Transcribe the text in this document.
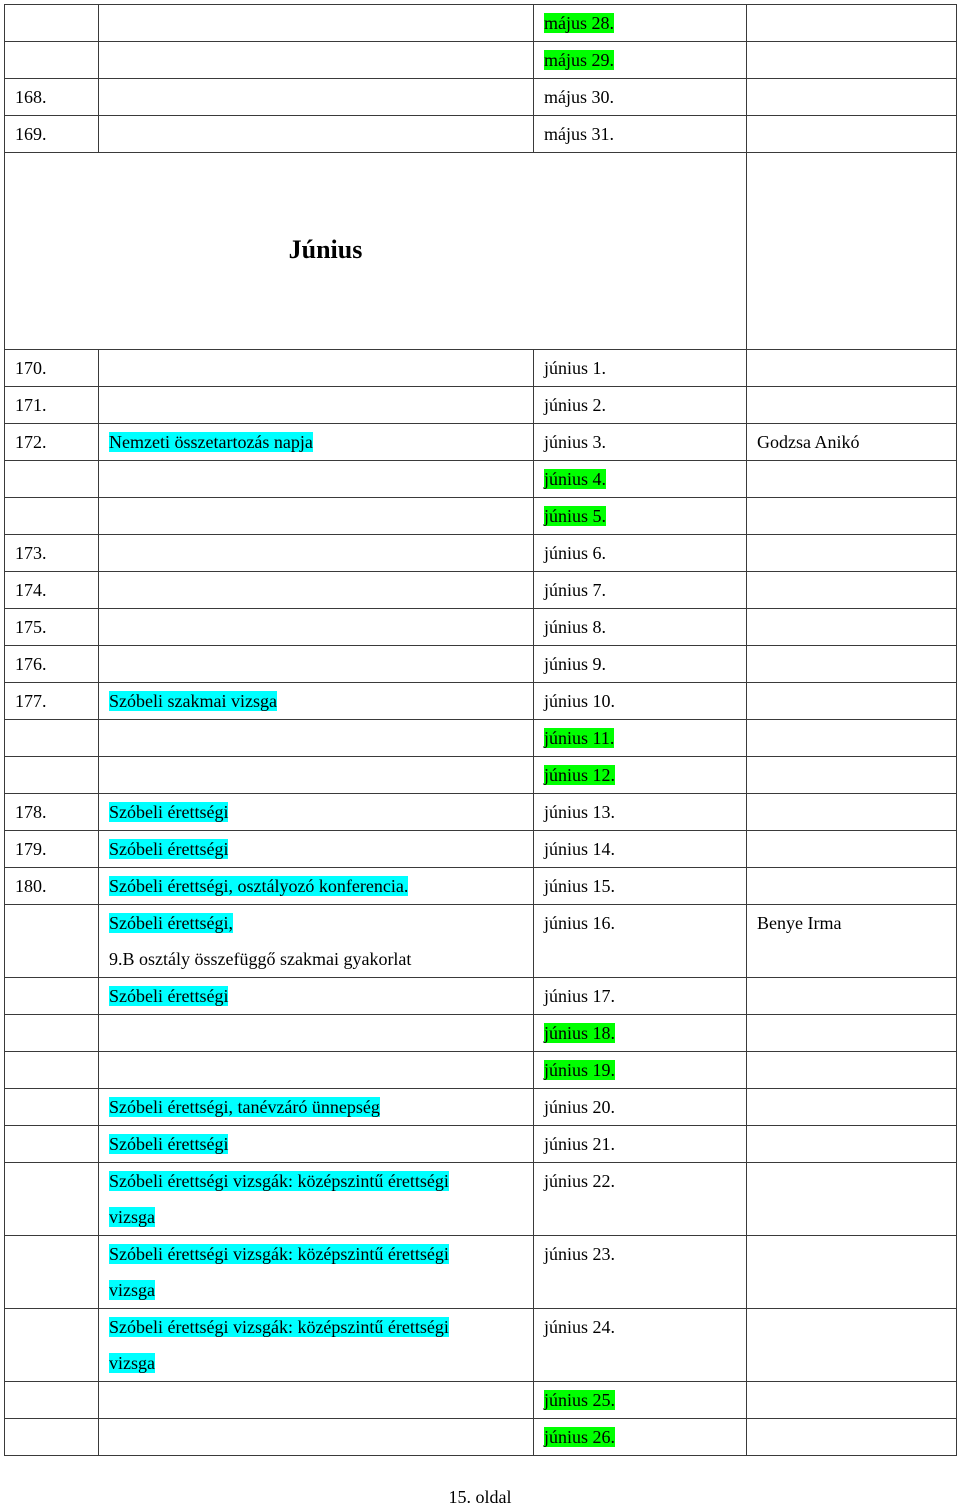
		május 28.	
		május 29.	
168.		május 30.	
169.		május 31.	
Június			
170.		június 1.	
171.		június 2.	
172.	Nemzeti összetartozás napja	június 3.	Godzsa Anikó
		június 4.	
		június 5.	
173.		június 6.	
174.		június 7.	
175.		június 8.	
176.		június 9.	
177.	Szóbeli szakmai vizsga	június 10.	
		június 11.	
		június 12.	
178.	Szóbeli érettségi	június 13.	
179.	Szóbeli érettségi	június 14.	
180.	Szóbeli érettségi, osztályozó konferencia.	június 15.	
	Szóbeli érettségi,
9.B osztály összefüggő szakmai gyakorlat	június 16.	Benye Irma
	Szóbeli érettségi	június 17.	
		június 18.	
		június 19.	
	Szóbeli érettségi, tanévzáró ünnepség	június 20.	
	Szóbeli érettségi	június 21.	
	Szóbeli érettségi vizsgák: középszintű érettségi
vizsga	június 22.	
	Szóbeli érettségi vizsgák: középszintű érettségi
vizsga	június 23.	
	Szóbeli érettségi vizsgák: középszintű érettségi
vizsga	június 24.	
		június 25.	
		június 26.	
15. oldal
